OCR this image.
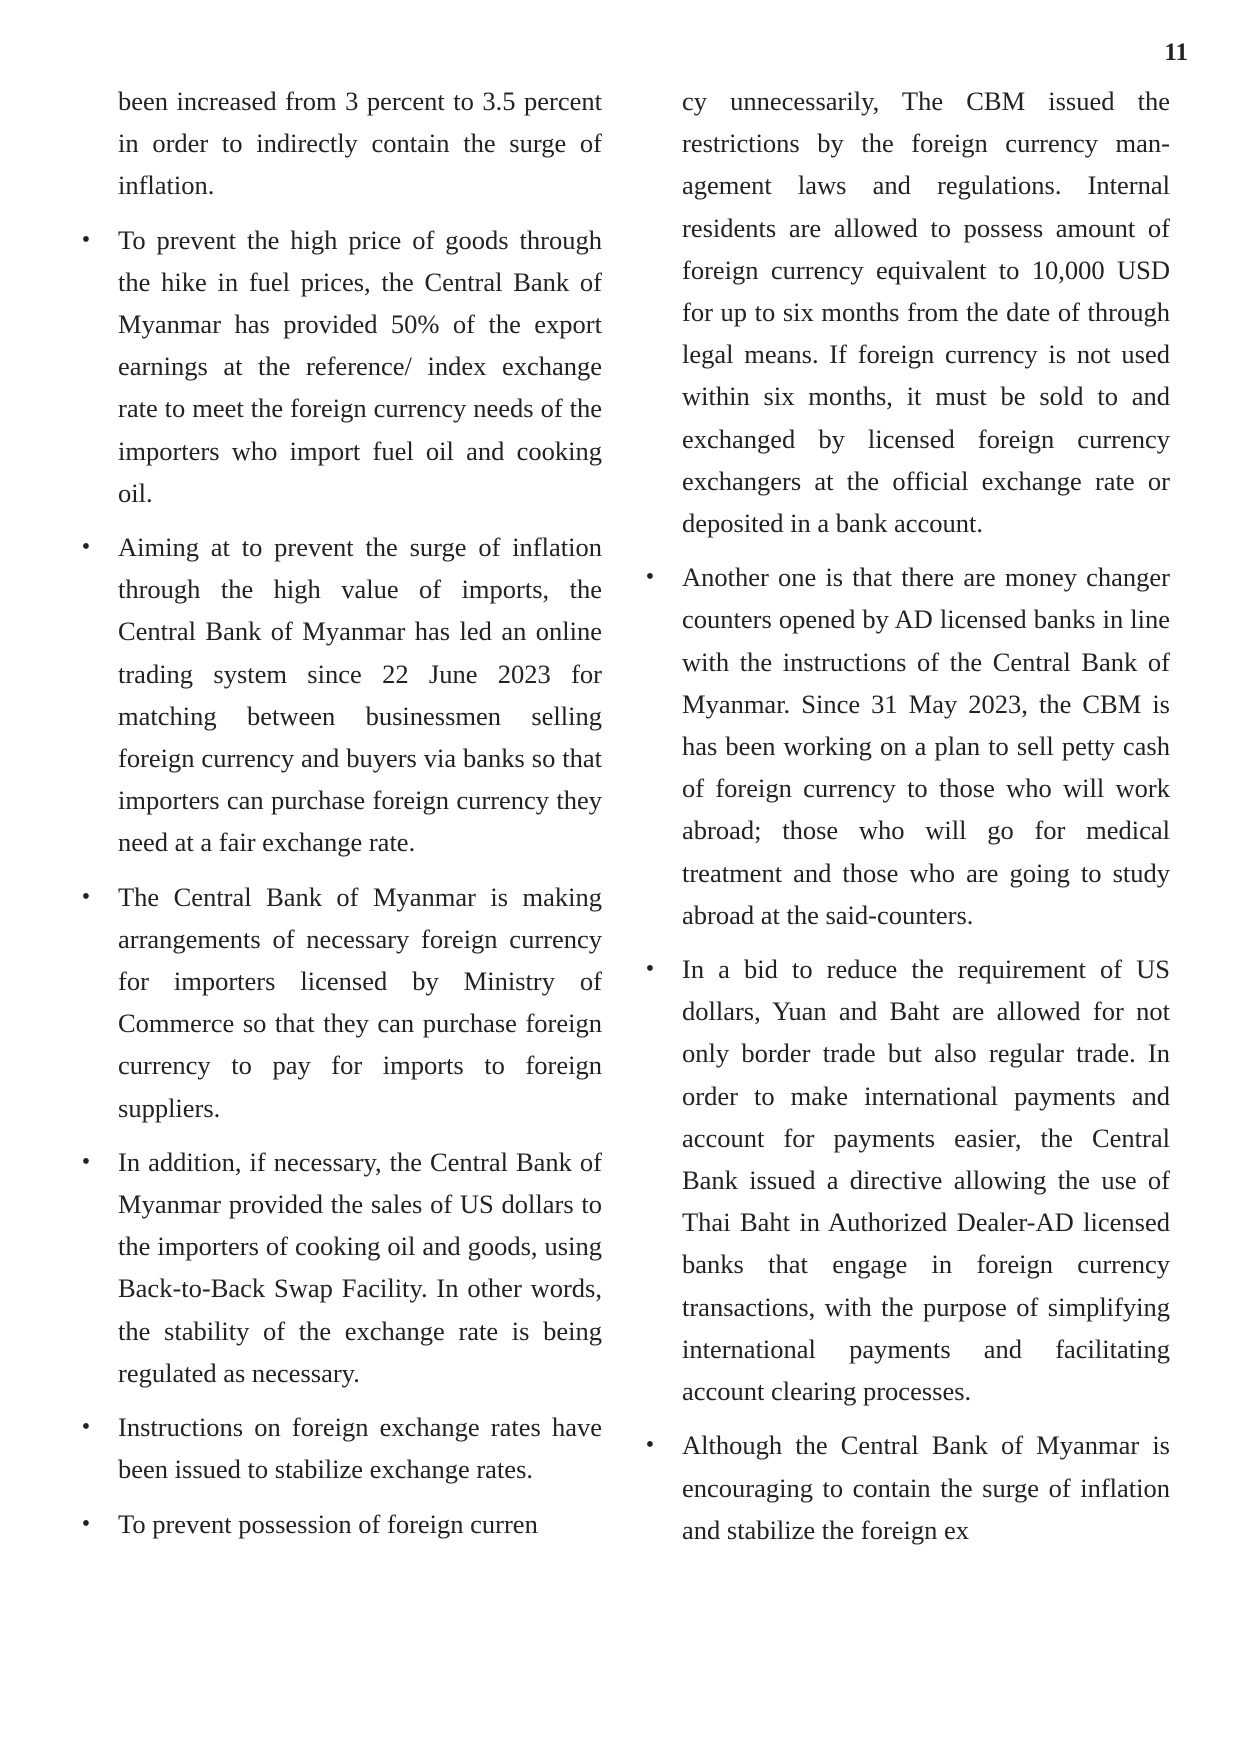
11

been increased from 3 percent to 3.5 percent in order to indirectly contain the surge of inflation.

• To prevent the high price of goods through the hike in fuel prices, the Central Bank of Myanmar has provided 50% of the export earnings at the reference/ index exchange rate to meet the foreign currency needs of the importers who import fuel oil and cooking oil.
• Aiming at to prevent the surge of inflation through the high value of imports, the Central Bank of Myanmar has led an online trading system since 22 June 2023 for matching between businessmen selling foreign currency and buyers via banks so that importers can purchase foreign currency they need at a fair exchange rate.
• The Central Bank of Myanmar is making arrangements of necessary foreign currency for importers licensed by Ministry of Commerce so that they can purchase foreign currency to pay for imports to foreign suppliers.
• In addition, if necessary, the Central Bank of Myanmar provided the sales of US dollars to the importers of cooking oil and goods, using Back-to-Back Swap Facility. In other words, the stability of the exchange rate is being regulated as necessary.
• Instructions on foreign exchange rates have been issued to stabilize exchange rates.
• To prevent possession of foreign curren

cy unnecessarily, The CBM issued the restrictions by the foreign currency management laws and regulations. Internal residents are allowed to possess amount of foreign currency equivalent to 10,000 USD for up to six months from the date of through legal means. If foreign currency is not used within six months, it must be sold to and exchanged by licensed foreign currency exchangers at the official exchange rate or deposited in a bank account.

• Another one is that there are money changer counters opened by AD licensed banks in line with the instructions of the Central Bank of Myanmar. Since 31 May 2023, the CBM is has been working on a plan to sell petty cash of foreign currency to those who will work abroad; those who will go for medical treatment and those who are going to study abroad at the said-counters.
• In a bid to reduce the requirement of US dollars, Yuan and Baht are allowed for not only border trade but also regular trade. In order to make international payments and account for payments easier, the Central Bank issued a directive allowing the use of Thai Baht in Authorized Dealer-AD licensed banks that engage in foreign currency transactions, with the purpose of simplifying international payments and facilitating account clearing processes.
• Although the Central Bank of Myanmar is encouraging to contain the surge of inflation and stabilize the foreign ex
